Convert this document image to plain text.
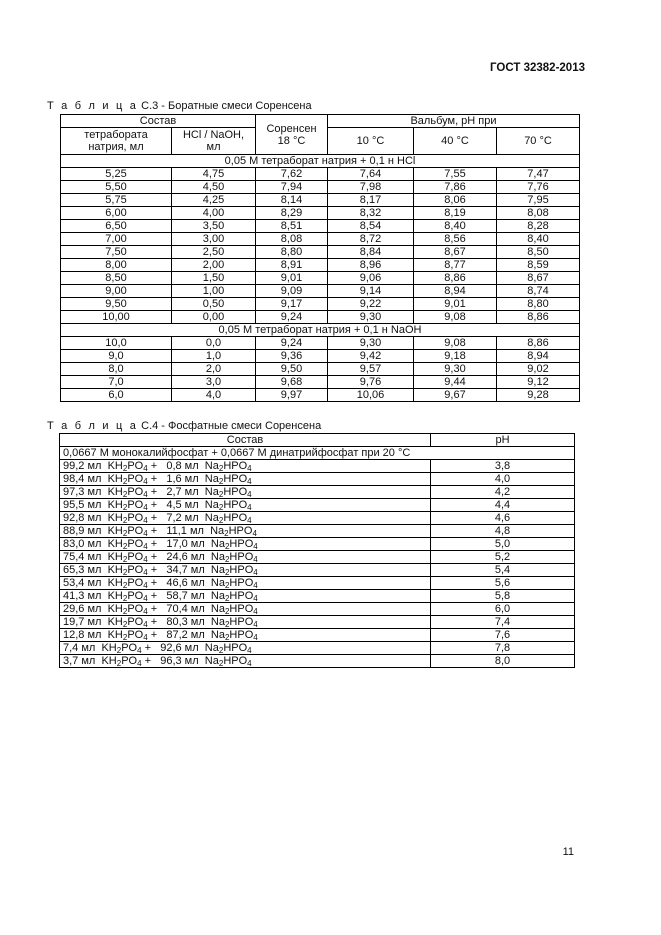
ГОСТ 32382-2013
Т а б л и ц а С.3 - Боратные смеси Соренсена
Состав		Соренсен 18 °C	Вальбум, pH при		
тетрабората натрия, мл	HCl / NaOH, мл		10 °C	40 °C	70 °C
0,05 М тетраборат натрия + 0,1 н HCl					
5,25	4,75	7,62	7,64	7,55	7,47
5,50	4,50	7,94	7,98	7,86	7,76
5,75	4,25	8,14	8,17	8,06	7,95
6,00	4,00	8,29	8,32	8,19	8,08
6,50	3,50	8,51	8,54	8,40	8,28
7,00	3,00	8,08	8,72	8,56	8,40
7,50	2,50	8,80	8,84	8,67	8,50
8,00	2,00	8,91	8,96	8,77	8,59
8,50	1,50	9,01	9,06	8,86	8,67
9,00	1,00	9,09	9,14	8,94	8,74
9,50	0,50	9,17	9,22	9,01	8,80
10,00	0,00	9,24	9,30	9,08	8,86
0,05 М тетраборат натрия + 0,1 н NaOH					
10,0	0,0	9,24	9,30	9,08	8,86
9,0	1,0	9,36	9,42	9,18	8,94
8,0	2,0	9,50	9,57	9,30	9,02
7,0	3,0	9,68	9,76	9,44	9,12
6,0	4,0	9,97	10,06	9,67	9,28
Т а б л и ц а С.4 - Фосфатные смеси Соренсена
Состав	pH
0,0667 М монокалийфосфат + 0,0667 М динатрийфосфат при 20 °C	
99,2 мл  $KH_2PO_4 + 0,8$ мл  $Na_2HPO_4$	3,8
98,4 мл  $KH_2PO_4 + 1,6$ мл  $Na_2HPO_4$	4,0
97,3 мл  $KH_2PO_4 + 2,7$ мл  $Na_2HPO_4$	4,2
95,5 мл  $KH_2PO_4 + 4,5$ мл  $Na_2HPO_4$	4,4
92,8 мл  $KH_2PO_4 + 7,2$ мл  $Na_2HPO_4$	4,6
88,9 мл  $KH_2PO_4 + 11,1$ мл  $Na_2HPO_4$	4,8
83,0 мл  $KH_2PO_4 + 17,0$ мл  $Na_2HPO_4$	5,0
75,4 мл  $KH_2PO_4 + 24,6$ мл  $Na_2HPO_4$	5,2
65,3 мл  $KH_2PO_4 + 34,7$ мл  $Na_2HPO_4$	5,4
53,4 мл  $KH_2PO_4 + 46,6$ мл  $Na_2HPO_4$	5,6
41,3 мл  $KH_2PO_4 + 58,7$ мл  $Na_2HPO_4$	5,8
29,6 мл  $KH_2PO_4 + 70,4$ мл  $Na_2HPO_4$	6,0
19,7 мл  $KH_2PO_4 + 80,3$ мл  $Na_2HPO_4$	7,4
12,8 мл  $KH_2PO_4 + 87,2$ мл  $Na_2HPO_4$	7,6
7,4 мл  $KH_2PO_4 + 92,6$ мл  $Na_2HPO_4$	7,8
3,7 мл  $KH_2PO_4 + 96,3$ мл  $Na_2HPO_4$	8,0
11
